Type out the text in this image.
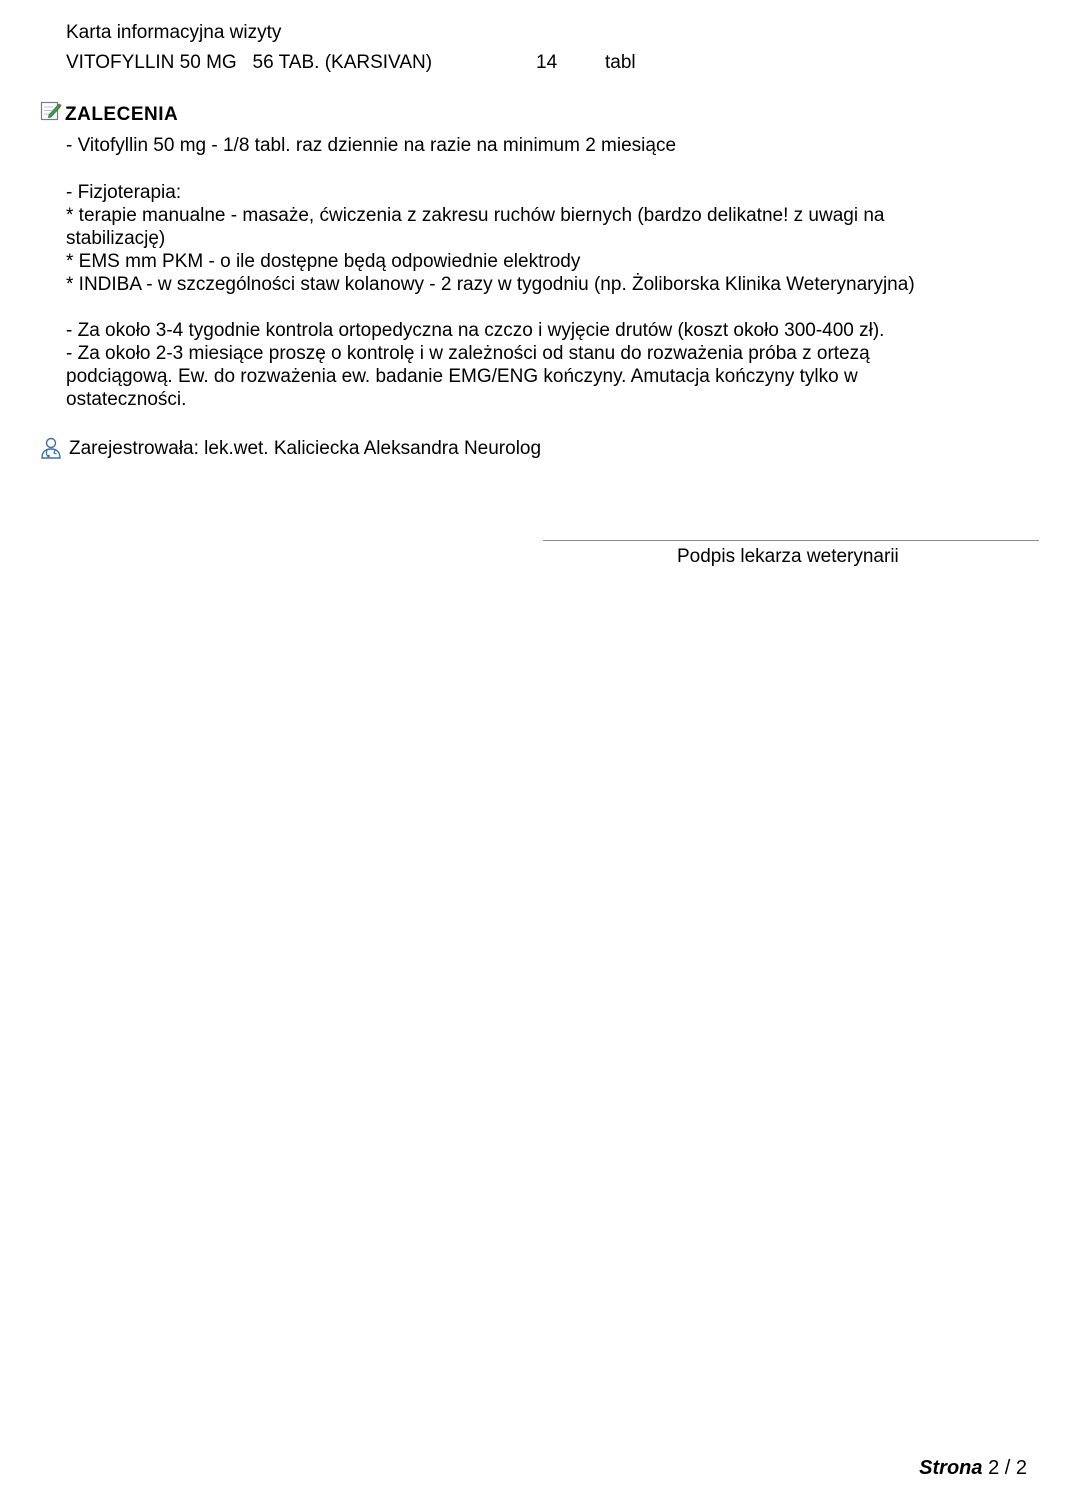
Karta informacyjna wizyty
VITOFYLLIN 50 MG   56 TAB. (KARSIVAN)	14	tabl
ZALECENIA
- Vitofyllin 50 mg - 1/8 tabl. raz dziennie na razie na minimum 2 miesiące
- Fizjoterapia:
* terapie manualne - masaże, ćwiczenia z zakresu ruchów biernych (bardzo delikatne! z uwagi na
stabilizację)
* EMS mm PKM - o ile dostępne będą odpowiednie elektrody
* INDIBA - w szczególności staw kolanowy - 2 razy w tygodniu (np. Żoliborska Klinika Weterynaryjna)
- Za około 3-4 tygodnie kontrola ortopedyczna na czczo i wyjęcie drutów (koszt około 300-400 zł).
- Za około 2-3 miesiące proszę o kontrolę i w zależności od stanu do rozważenia próba z ortezą
podciągową. Ew. do rozważenia ew. badanie EMG/ENG kończyny. Amutacja kończyny tylko w
ostateczności.
Zarejestrowała: lek.wet. Kaliciecka Aleksandra Neurolog
Podpis lekarza weterynarii
Strona 2 / 2
